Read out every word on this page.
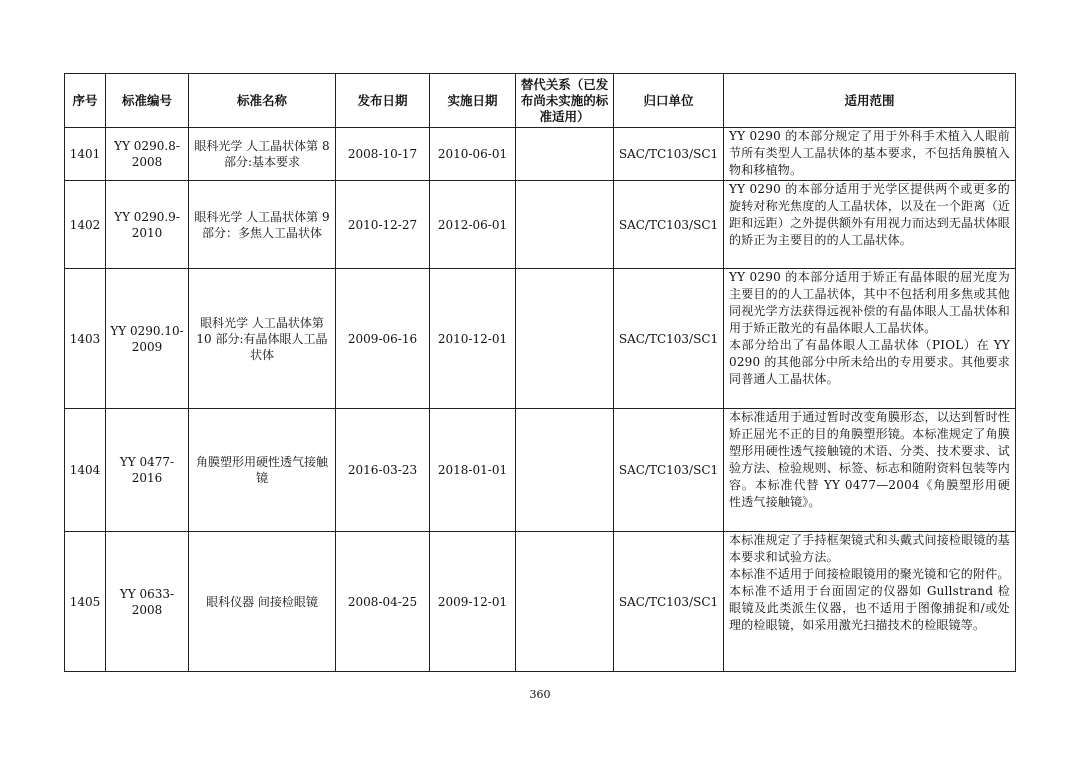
序号	标准编号	标准名称	发布日期	实施日期	替代关系（已发布尚未实施的标准适用）	归口单位	适用范围
1401	YY 0290.8-2008	眼科光学 人工晶状体第 8 部分:基本要求	2008-10-17	2010-06-01		SAC/TC103/SC1	YY 0290 的本部分规定了用于外科手术植入人眼前节所有类型人工晶状体的基本要求，不包括角膜植入物和移植物。

1402	YY 0290.9-2010	眼科光学 人工晶状体第 9 部分：多焦人工晶状体	2010-12-27	2012-06-01		SAC/TC103/SC1	YY 0290 的本部分适用于光学区提供两个或更多的旋转对称光焦度的人工晶状体，以及在一个距离（近距和远距）之外提供额外有用视力而达到无晶状体眼的矫正为主要目的的人工晶状体。

1403	YY 0290.10-2009	眼科光学 人工晶状体第 10 部分:有晶体眼人工晶状体	2009-06-16	2010-12-01		SAC/TC103/SC1	YY 0290 的本部分适用于矫正有晶体眼的屈光度为主要目的的人工晶状体，其中不包括利用多焦或其他同视光学方法获得远视补偿的有晶体眼人工晶状体和用于矫正散光的有晶体眼人工晶状体。

本部分给出了有晶体眼人工晶状体（PIOL）在 YY 0290 的其他部分中所未给出的专用要求。其他要求同普通人工晶状体。

1404	YY 0477-2016	角膜塑形用硬性透气接触镜	2016-03-23	2018-01-01		SAC/TC103/SC1	本标准适用于通过暂时改变角膜形态，以达到暂时性矫正屈光不正的目的角膜塑形镜。本标准规定了角膜塑形用硬性透气接触镜的术语、分类、技术要求、试验方法、检验规则、标签、标志和随附资料包装等内容。本标准代替 YY 0477—2004《角膜塑形用硬性透气接触镜》。

1405	YY 0633-2008	眼科仪器 间接检眼镜	2008-04-25	2009-12-01		SAC/TC103/SC1	本标准规定了手持框架镜式和头戴式间接检眼镜的基本要求和试验方法。

本标准不适用于间接检眼镜用的聚光镜和它的附件。

本标准不适用于台面固定的仪器如 Gullstrand 检眼镜及此类派生仪器，也不适用于图像捕捉和/或处理的检眼镜，如采用激光扫描技术的检眼镜等。

360
